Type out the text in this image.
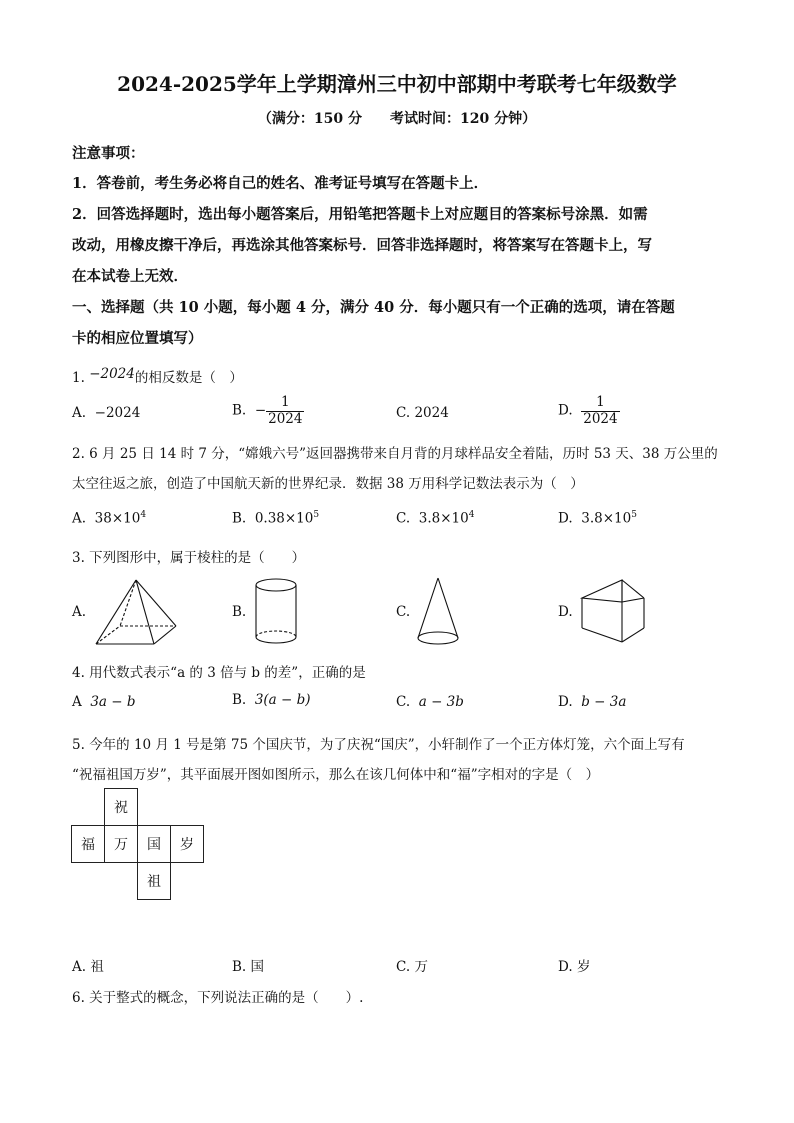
2024-2025学年上学期漳州三中初中部期中考联考七年级数学
（满分：150 分　　考试时间：120 分钟）
注意事项：
1．答卷前，考生务必将自己的姓名、准考证号填写在答题卡上．
2．回答选择题时，选出每小题答案后，用铅笔把答题卡上对应题目的答案标号涂黑．如需
改动，用橡皮擦干净后，再选涂其他答案标号．回答非选择题时，将答案写在答题卡上，写
在本试卷上无效．
一、选择题（共 10 小题，每小题 4 分，满分 40 分．每小题只有一个正确的选项，请在答题
卡的相应位置填写）
1. −2024的相反数是（　）
A. −2024	B. − $\frac{1}{2024}$	C. 2024	D. $\frac{1}{2024}$
2. 6 月 25 日 14 时 7 分，“嫦娥六号”返回器携带来自月背的月球样品安全着陆，历时 53 天、38 万公里的
太空往返之旅，创造了中国航天新的世界纪录．数据 38 万用科学记数法表示为（　）
A. $38\times 10^4$	B. $0.38\times 10^5$	C. $3.8\times 10^4$	D. $3.8\times 10^5$
3. 下列图形中，属于棱柱的是（　　）
A.	B.	C.	D.
4. 用代数式表示“a 的 3 倍与 b 的差”，正确的是
A 3a − b	B. 3(a − b)	C. a − 3b	D. b − 3a
5. 今年的 10 月 1 号是第 75 个国庆节，为了庆祝“国庆”，小轩制作了一个正方体灯笼，六个面上写有
“祝福祖国万岁”，其平面展开图如图所示，那么在该几何体中和“福”字相对的字是（　）
	祝		
福	万	国	岁
		祖	
A. 祖	B. 国	C. 万	D. 岁
6. 关于整式的概念，下列说法正确的是（　　）.
